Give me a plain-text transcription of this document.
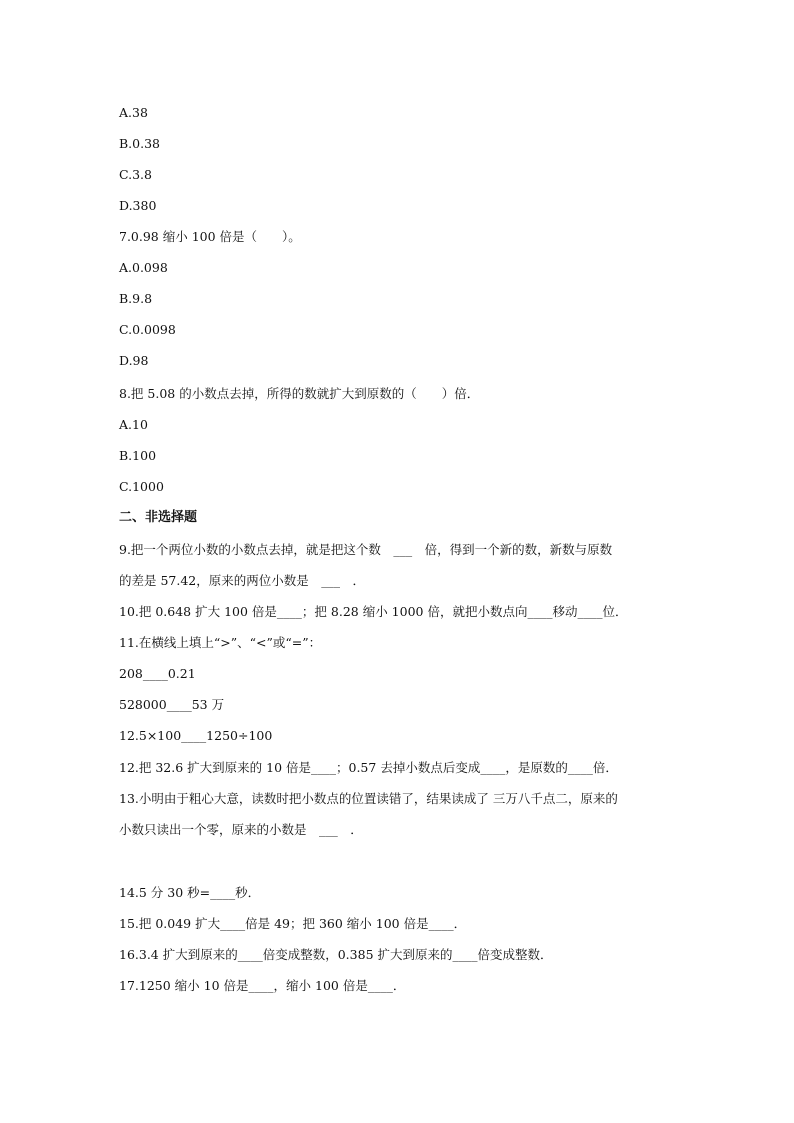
A.38
B.0.38
C.3.8
D.380
7.0.98 缩小 100 倍是（　　）。
A.0.098
B.9.8
C.0.0098
D.98
8.把 5.08 的小数点去掉，所得的数就扩大到原数的（　　）倍．
A.10
B.100
C.1000
二、非选择题
9.把一个两位小数的小数点去掉，就是把这个数　___　倍，得到一个新的数，新数与原数
的差是 57.42，原来的两位小数是　___　．
10.把 0.648 扩大 100 倍是____；把 8.28 缩小 1000 倍，就把小数点向____移动____位．
11.在横线上填上“>”、“<”或“=”：
208____0.21
528000____53 万
12.5×100____1250÷100
12.把 32.6 扩大到原来的 10 倍是____；0.57 去掉小数点后变成____，是原数的____倍．
13.小明由于粗心大意，读数时把小数点的位置读错了，结果读成了 三万八千点二，原来的
小数只读出一个零，原来的小数是　___　．
14.5 分 30 秒=____秒．
15.把 0.049 扩大____倍是 49；把 360 缩小 100 倍是____．
16.3.4 扩大到原来的____倍变成整数，0.385 扩大到原来的____倍变成整数．
17.1250 缩小 10 倍是____，缩小 100 倍是____．
